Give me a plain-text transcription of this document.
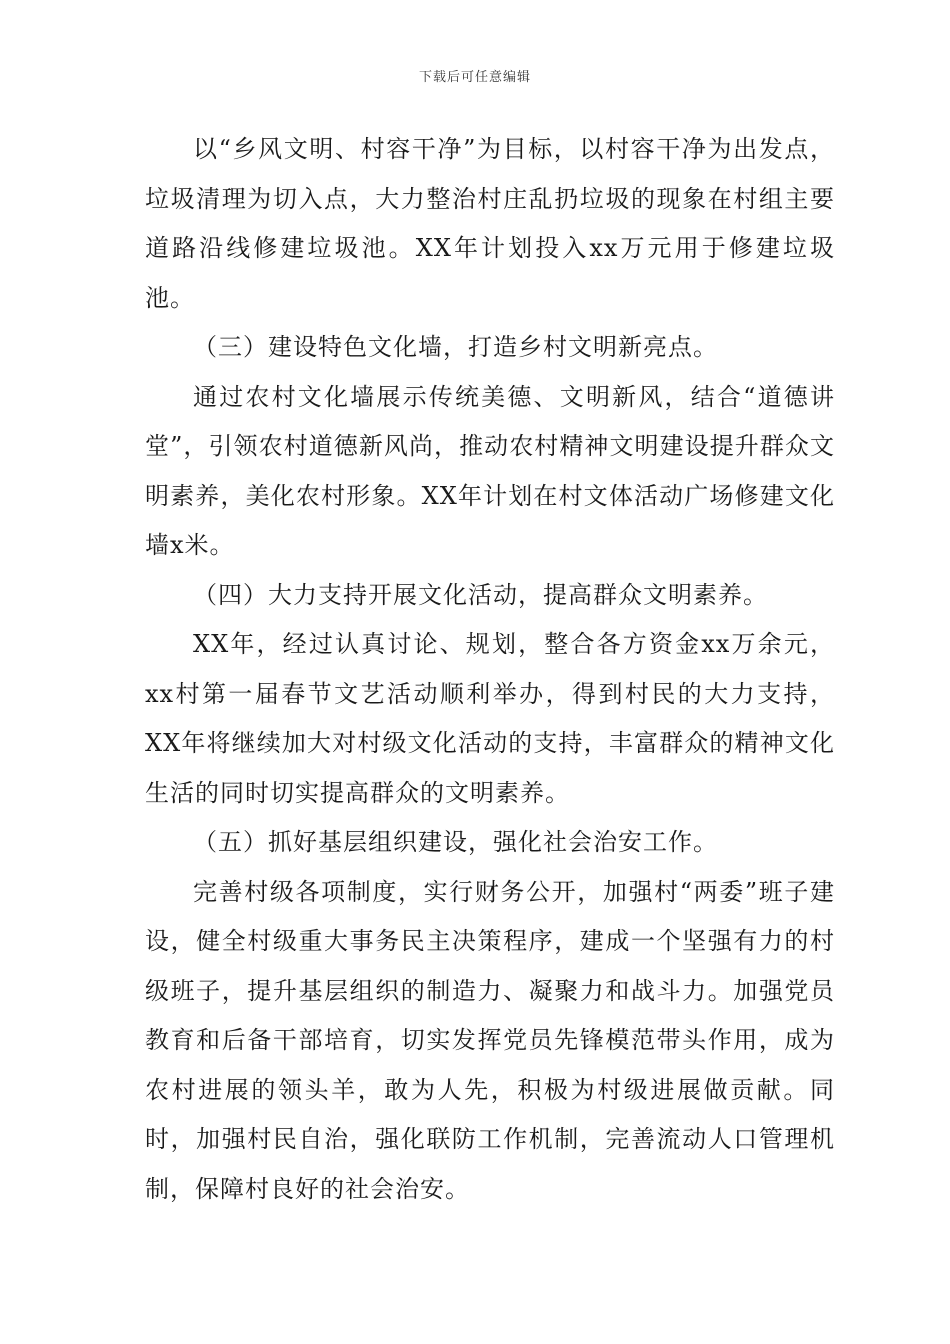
下载后可任意编辑

以“乡风文明、村容干净”为目标，以村容干净为出发点，垃圾清理为切入点，大力整治村庄乱扔垃圾的现象在村组主要道路沿线修建垃圾池。XX年计划投入xx万元用于修建垃圾池。

（三）建设特色文化墙，打造乡村文明新亮点。

通过农村文化墙展示传统美德、文明新风，结合“道德讲堂”，引领农村道德新风尚，推动农村精神文明建设提升群众文明素养，美化农村形象。XX年计划在村文体活动广场修建文化墙x米。

（四）大力支持开展文化活动，提高群众文明素养。

XX年，经过认真讨论、规划，整合各方资金xx万余元，xx村第一届春节文艺活动顺利举办，得到村民的大力支持，XX年将继续加大对村级文化活动的支持，丰富群众的精神文化生活的同时切实提高群众的文明素养。

（五）抓好基层组织建设，强化社会治安工作。

完善村级各项制度，实行财务公开，加强村“两委”班子建设，健全村级重大事务民主决策程序，建成一个坚强有力的村级班子，提升基层组织的制造力、凝聚力和战斗力。加强党员教育和后备干部培育，切实发挥党员先锋模范带头作用，成为农村进展的领头羊，敢为人先，积极为村级进展做贡献。同时，加强村民自治，强化联防工作机制，完善流动人口管理机制，保障村良好的社会治安。
